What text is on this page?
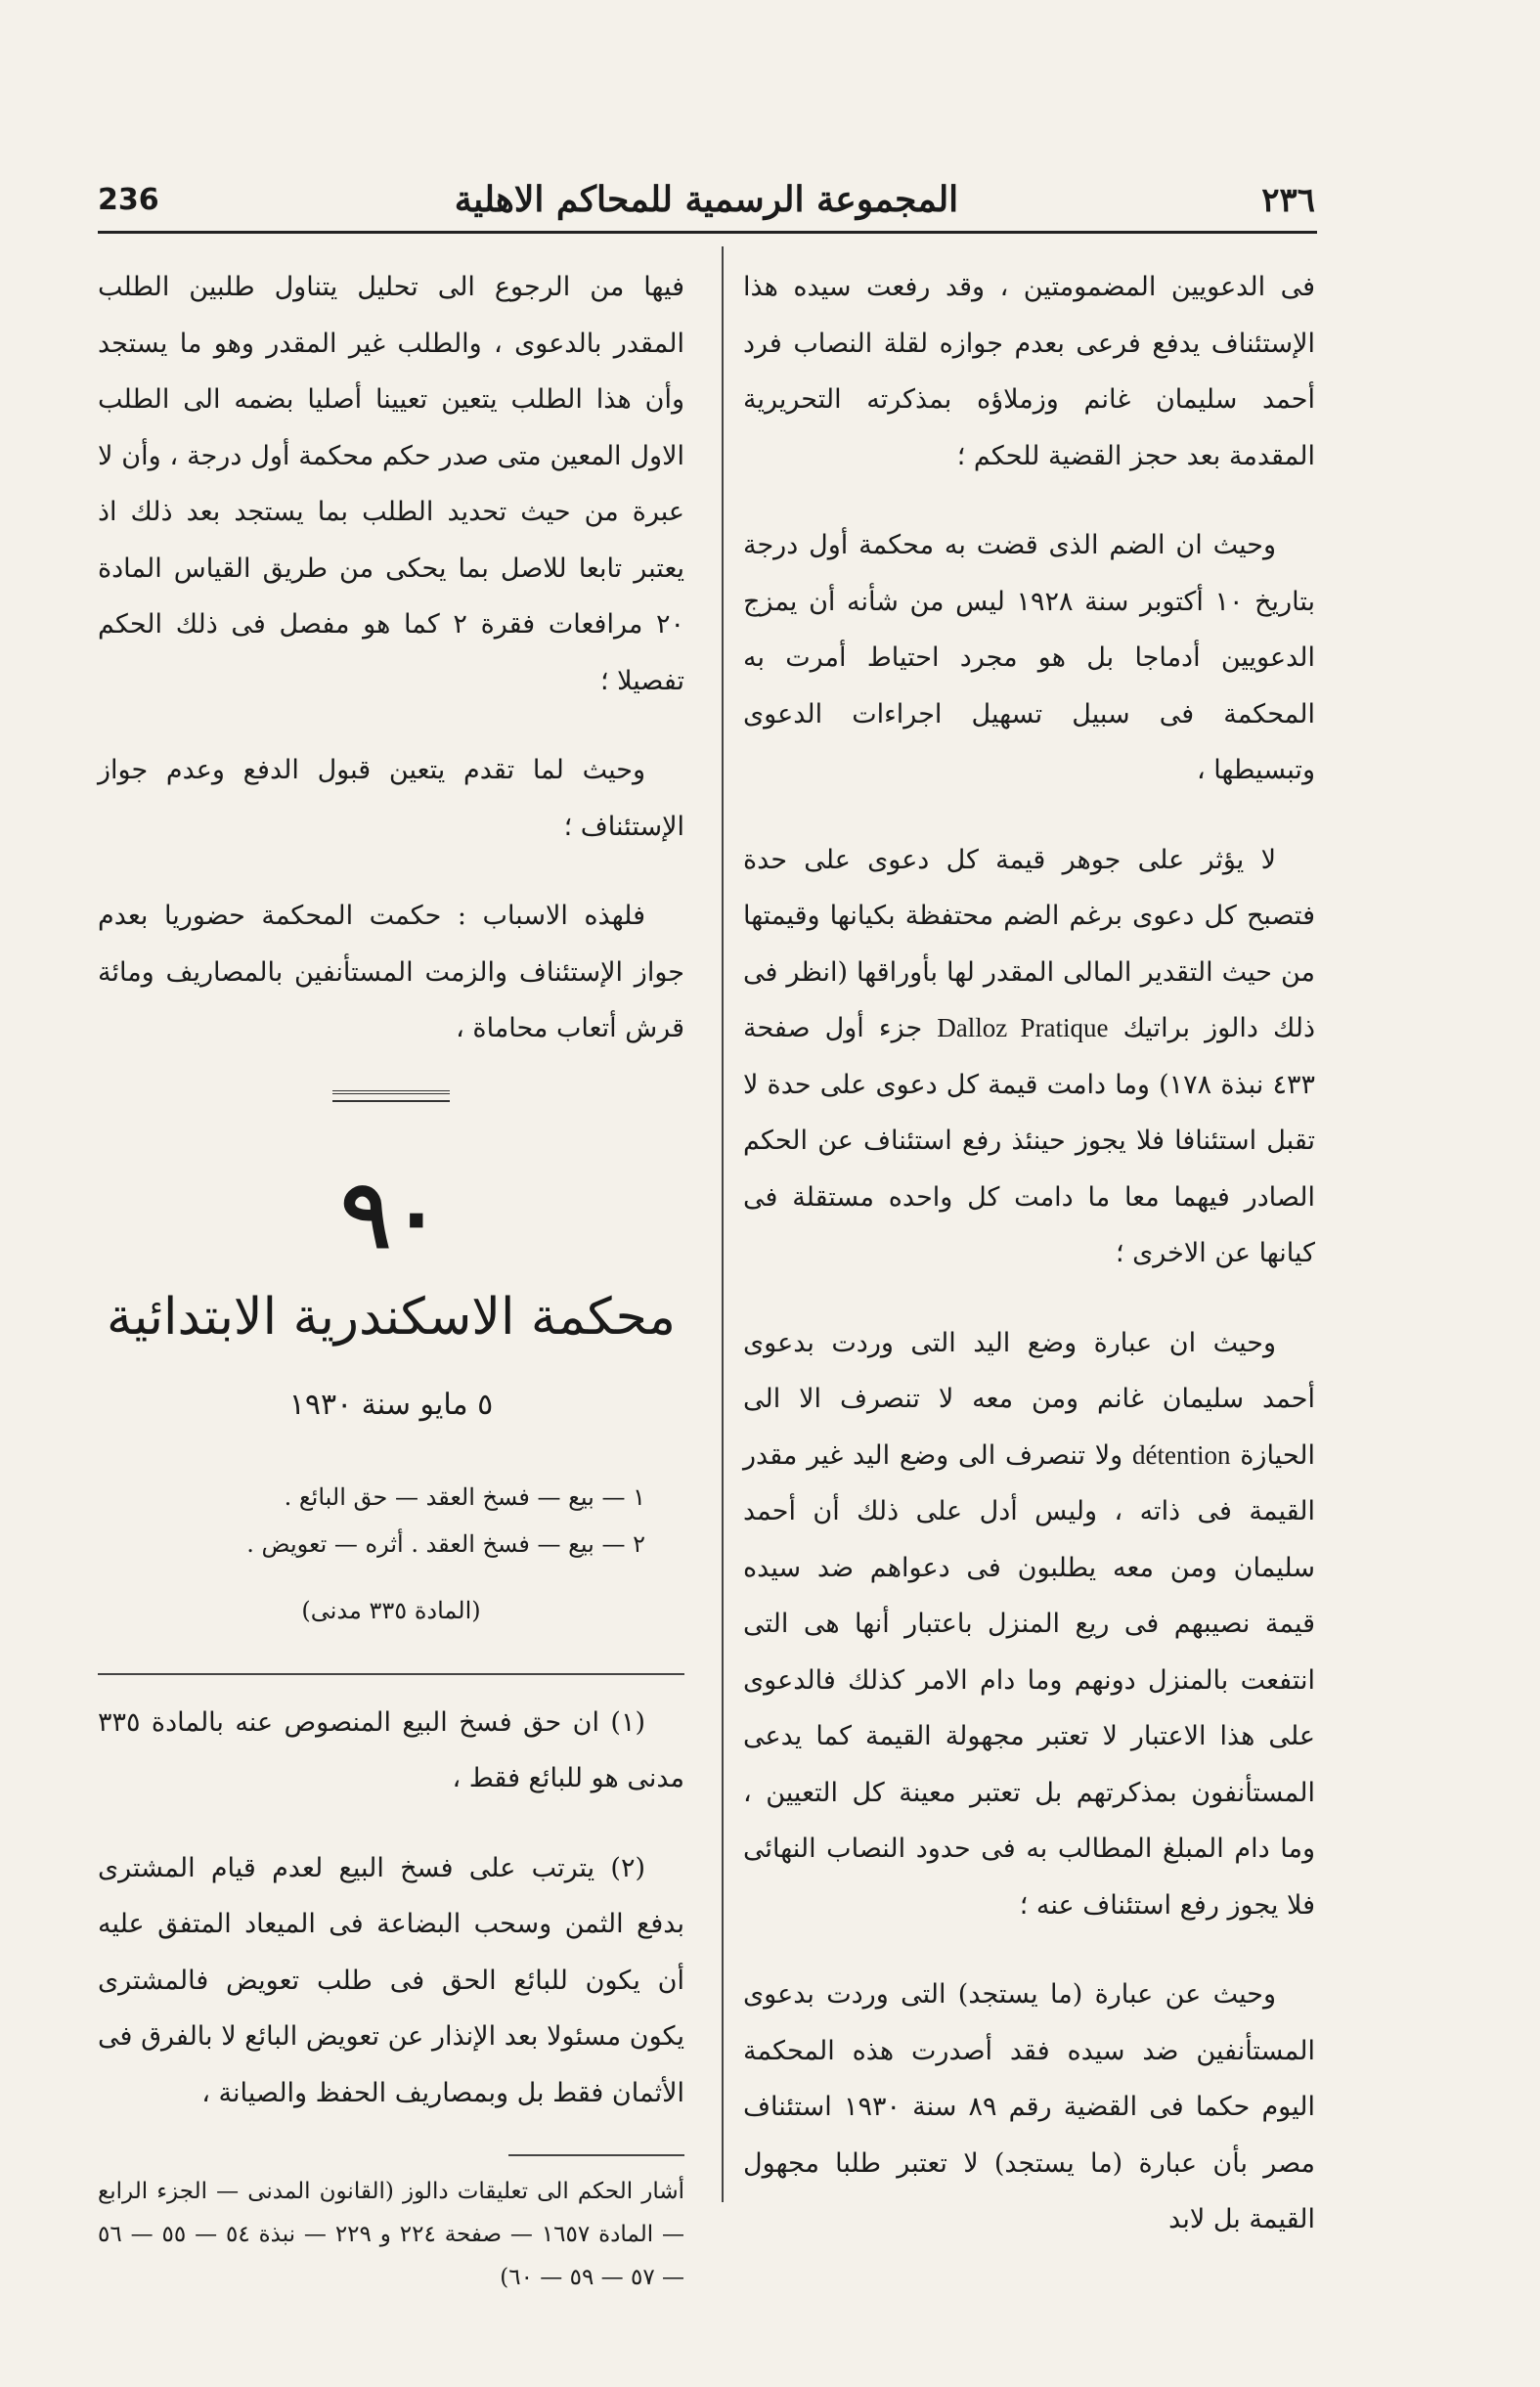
٢٣٦
المجموعة الرسمية للمحاكم الاهلية
236

فى الدعويين المضمومتين ، وقد رفعت سيده هذا الإستئناف يدفع فرعى بعدم جوازه لقلة النصاب فرد أحمد سليمان غانم وزملاؤه بمذكرته التحريرية المقدمة بعد حجز القضية للحكم ؛

وحيث ان الضم الذى قضت به محكمة أول درجة بتاريخ ١٠ أكتوبر سنة ١٩٢٨ ليس من شأنه أن يمزج الدعويين أدماجا بل هو مجرد احتياط أمرت به المحكمة فى سبيل تسهيل اجراءات الدعوى وتبسيطها ،

لا يؤثر على جوهر قيمة كل دعوى على حدة فتصبح كل دعوى برغم الضم محتفظة بكيانها وقيمتها من حيث التقدير المالى المقدر لها بأوراقها (انظر فى ذلك دالوز براتيك Dalloz Pratique جزء أول صفحة ٤٣٣ نبذة ١٧٨) وما دامت قيمة كل دعوى على حدة لا تقبل استئنافا فلا يجوز حينئذ رفع استئناف عن الحكم الصادر فيهما معا ما دامت كل واحده مستقلة فى كيانها عن الاخرى ؛

وحيث ان عبارة وضع اليد التى وردت بدعوى أحمد سليمان غانم ومن معه لا تنصرف الا الى الحيازة détention ولا تنصرف الى وضع اليد غير مقدر القيمة فى ذاته ، وليس أدل على ذلك أن أحمد سليمان ومن معه يطلبون فى دعواهم ضد سيده قيمة نصيبهم فى ريع المنزل باعتبار أنها هى التى انتفعت بالمنزل دونهم وما دام الامر كذلك فالدعوى على هذا الاعتبار لا تعتبر مجهولة القيمة كما يدعى المستأنفون بمذكرتهم بل تعتبر معينة كل التعيين ، وما دام المبلغ المطالب به فى حدود النصاب النهائى فلا يجوز رفع استئناف عنه ؛

وحيث عن عبارة (ما يستجد) التى وردت بدعوى المستأنفين ضد سيده فقد أصدرت هذه المحكمة اليوم حكما فى القضية رقم ٨٩ سنة ١٩٣٠ استئناف مصر بأن عبارة (ما يستجد) لا تعتبر طلبا مجهول القيمة بل لابد

فيها من الرجوع الى تحليل يتناول طلبين الطلب المقدر بالدعوى ، والطلب غير المقدر وهو ما يستجد وأن هذا الطلب يتعين تعيينا أصليا بضمه الى الطلب الاول المعين متى صدر حكم محكمة أول درجة ، وأن لا عبرة من حيث تحديد الطلب بما يستجد بعد ذلك اذ يعتبر تابعا للاصل بما يحكى من طريق القياس المادة ٢٠ مرافعات فقرة ٢ كما هو مفصل فى ذلك الحكم تفصيلا ؛

وحيث لما تقدم يتعين قبول الدفع وعدم جواز الإستئناف ؛

فلهذه الاسباب : حكمت المحكمة حضوريا بعدم جواز الإستئناف والزمت المستأنفين بالمصاريف ومائة قرش أتعاب محاماة ،

٩٠
محكمة الاسكندرية الابتدائية
٥ مايو سنة ١٩٣٠
١ — بيع — فسخ العقد — حق البائع .
٢ — بيع — فسخ العقد . أثره — تعويض .
(المادة ٣٣٥ مدنى)

(١) ان حق فسخ البيع المنصوص عنه بالمادة ٣٣٥ مدنى هو للبائع فقط ،

(٢) يترتب على فسخ البيع لعدم قيام المشترى بدفع الثمن وسحب البضاعة فى الميعاد المتفق عليه أن يكون للبائع الحق فى طلب تعويض فالمشترى يكون مسئولا بعد الإنذار عن تعويض البائع لا بالفرق فى الأثمان فقط بل وبمصاريف الحفظ والصيانة ،

أشار الحكم الى تعليقات دالوز (القانون المدنى — الجزء الرابع — المادة ١٦٥٧ — صفحة ٢٢٤ و ٢٢٩ — نبذة ٥٤ — ٥٥ — ٥٦ — ٥٧ — ٥٩ — ٦٠)
